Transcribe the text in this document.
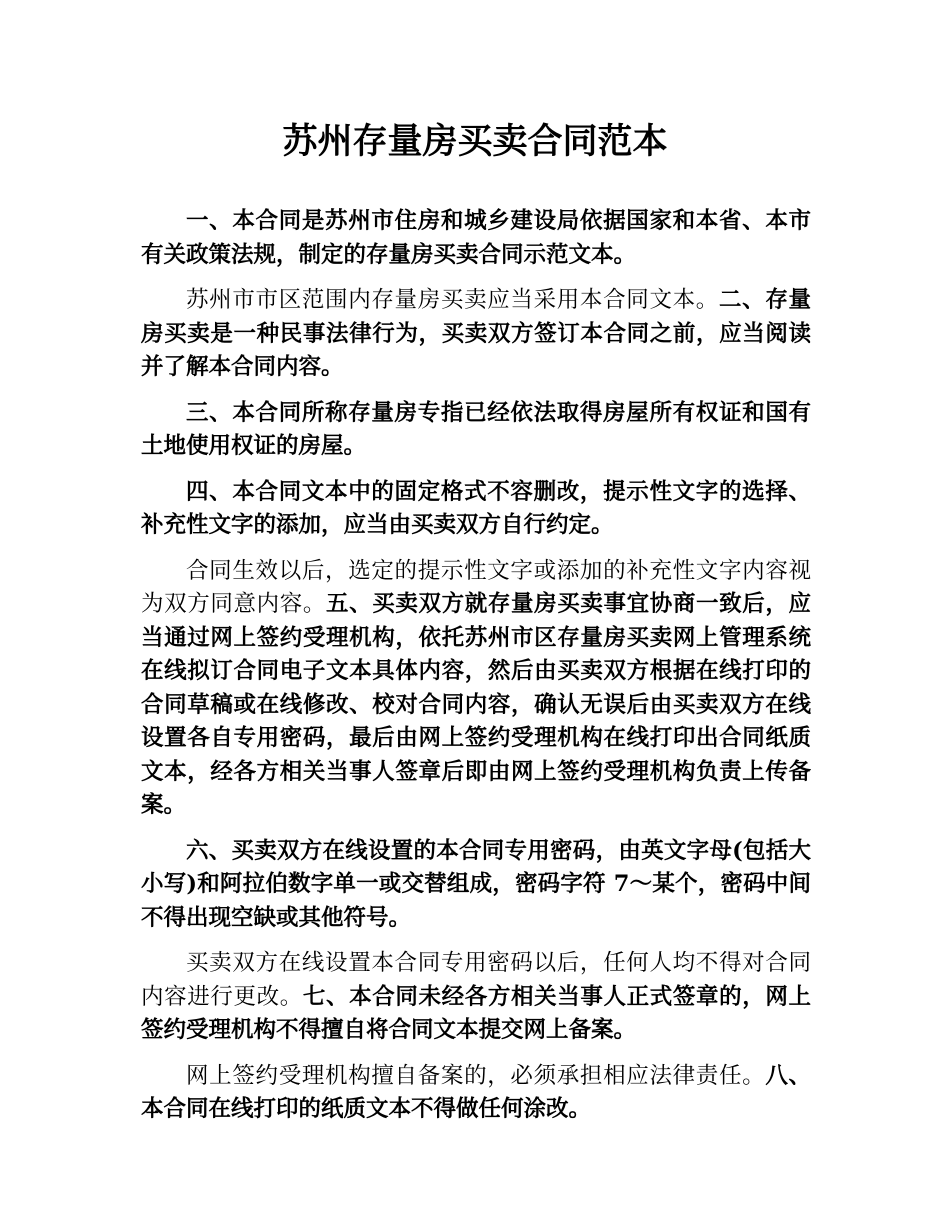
苏州存量房买卖合同范本

一、本合同是苏州市住房和城乡建设局依据国家和本省、本市有关政策法规，制定的存量房买卖合同示范文本。

苏州市市区范围内存量房买卖应当采用本合同文本。二、存量房买卖是一种民事法律行为，买卖双方签订本合同之前，应当阅读并了解本合同内容。

三、本合同所称存量房专指已经依法取得房屋所有权证和国有土地使用权证的房屋。

四、本合同文本中的固定格式不容删改，提示性文字的选择、补充性文字的添加，应当由买卖双方自行约定。

合同生效以后，选定的提示性文字或添加的补充性文字内容视为双方同意内容。五、买卖双方就存量房买卖事宜协商一致后，应当通过网上签约受理机构，依托苏州市区存量房买卖网上管理系统在线拟订合同电子文本具体内容，然后由买卖双方根据在线打印的合同草稿或在线修改、校对合同内容，确认无误后由买卖双方在线设置各自专用密码，最后由网上签约受理机构在线打印出合同纸质文本，经各方相关当事人签章后即由网上签约受理机构负责上传备案。

六、买卖双方在线设置的本合同专用密码，由英文字母(包括大小写)和阿拉伯数字单一或交替组成，密码字符 7～某个，密码中间不得出现空缺或其他符号。

买卖双方在线设置本合同专用密码以后，任何人均不得对合同内容进行更改。七、本合同未经各方相关当事人正式签章的，网上签约受理机构不得擅自将合同文本提交网上备案。

网上签约受理机构擅自备案的，必须承担相应法律责任。八、本合同在线打印的纸质文本不得做任何涂改。
